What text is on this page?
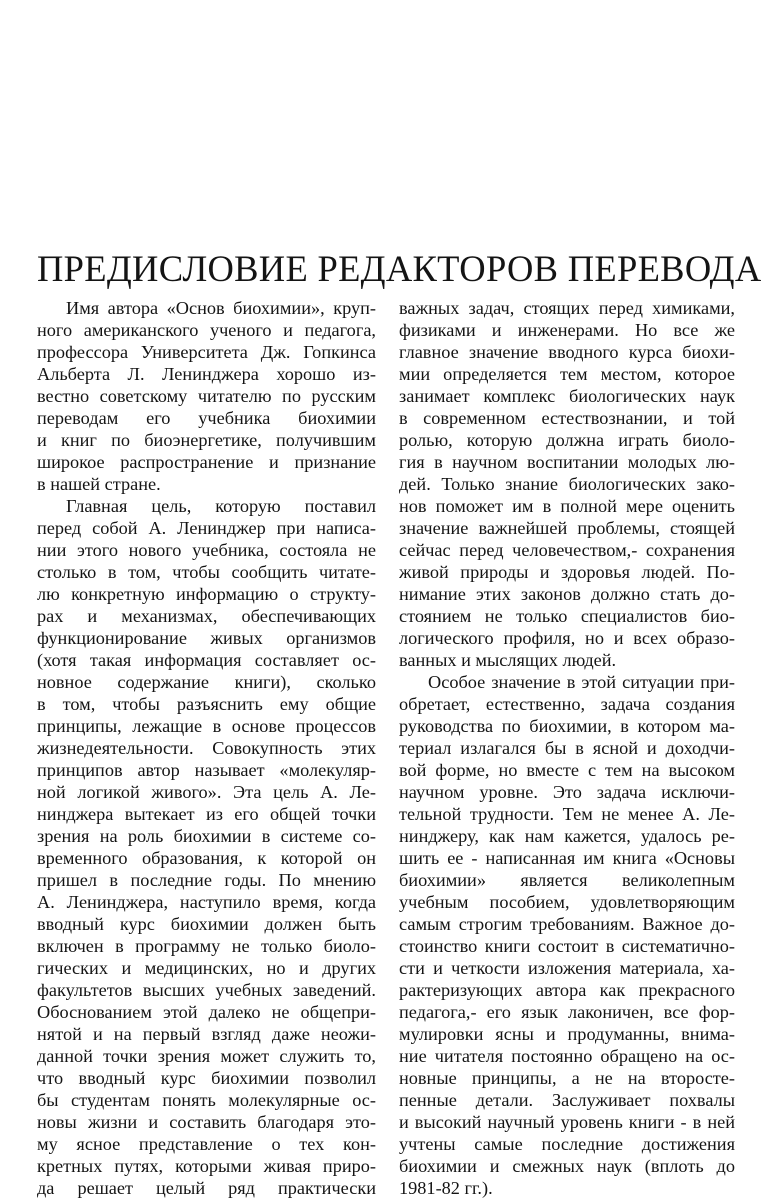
ПРЕДИСЛОВИЕ РЕДАКТОРОВ ПЕРЕВОДА
Имя автора «Основ биохимии», круп-
ного американского ученого и педагога,
профессора Университета Дж. Гопкинса
Альберта Л. Ленинджера хорошо из-
вестно советскому читателю по русским
переводам его учебника биохимии
и книг по биоэнергетике, получившим
широкое распространение и признание
в нашей стране.
Главная цель, которую поставил
перед собой А. Ленинджер при написа-
нии этого нового учебника, состояла не
столько в том, чтобы сообщить читате-
лю конкретную информацию о структу-
рах и механизмах, обеспечивающих
функционирование живых организмов
(хотя такая информация составляет ос-
новное содержание книги), сколько
в том, чтобы разъяснить ему общие
принципы, лежащие в основе процессов
жизнедеятельности. Совокупность этих
принципов автор называет «молекуляр-
ной логикой живого». Эта цель А. Ле-
нинджера вытекает из его общей точки
зрения на роль биохимии в системе со-
временного образования, к которой он
пришел в последние годы. По мнению
А. Ленинджера, наступило время, когда
вводный курс биохимии должен быть
включен в программу не только биоло-
гических и медицинских, но и других
факультетов высших учебных заведений.
Обоснованием этой далеко не общепри-
нятой и на первый взгляд даже неожи-
данной точки зрения может служить то,
что вводный курс биохимии позволил
бы студентам понять молекулярные ос-
новы жизни и составить благодаря это-
му ясное представление о тех кон-
кретных путях, которыми живая приро-
да решает целый ряд практически
важных задач, стоящих перед химиками,
физиками и инженерами. Но все же
главное значение вводного курса биохи-
мии определяется тем местом, которое
занимает комплекс биологических наук
в современном естествознании, и той
ролью, которую должна играть биоло-
гия в научном воспитании молодых лю-
дей. Только знание биологических зако-
нов поможет им в полной мере оценить
значение важнейшей проблемы, стоящей
сейчас перед человечеством,- сохранения
живой природы и здоровья людей. По-
нимание этих законов должно стать до-
стоянием не только специалистов био-
логического профиля, но и всех образо-
ванных и мыслящих людей.
Особое значение в этой ситуации при-
обретает, естественно, задача создания
руководства по биохимии, в котором ма-
териал излагался бы в ясной и доходчи-
вой форме, но вместе с тем на высоком
научном уровне. Это задача исключи-
тельной трудности. Тем не менее А. Ле-
нинджеру, как нам кажется, удалось ре-
шить ее - написанная им книга «Основы
биохимии» является великолепным
учебным пособием, удовлетворяющим
самым строгим требованиям. Важное до-
стоинство книги состоит в систематично-
сти и четкости изложения материала, ха-
рактеризующих автора как прекрасного
педагога,- его язык лаконичен, все фор-
мулировки ясны и продуманны, внима-
ние читателя постоянно обращено на ос-
новные принципы, а не на второсте-
пенные детали. Заслуживает похвалы
и высокий научный уровень книги - в ней
учтены самые последние достижения
биохимии и смежных наук (вплоть до
1981-82 гг.).
